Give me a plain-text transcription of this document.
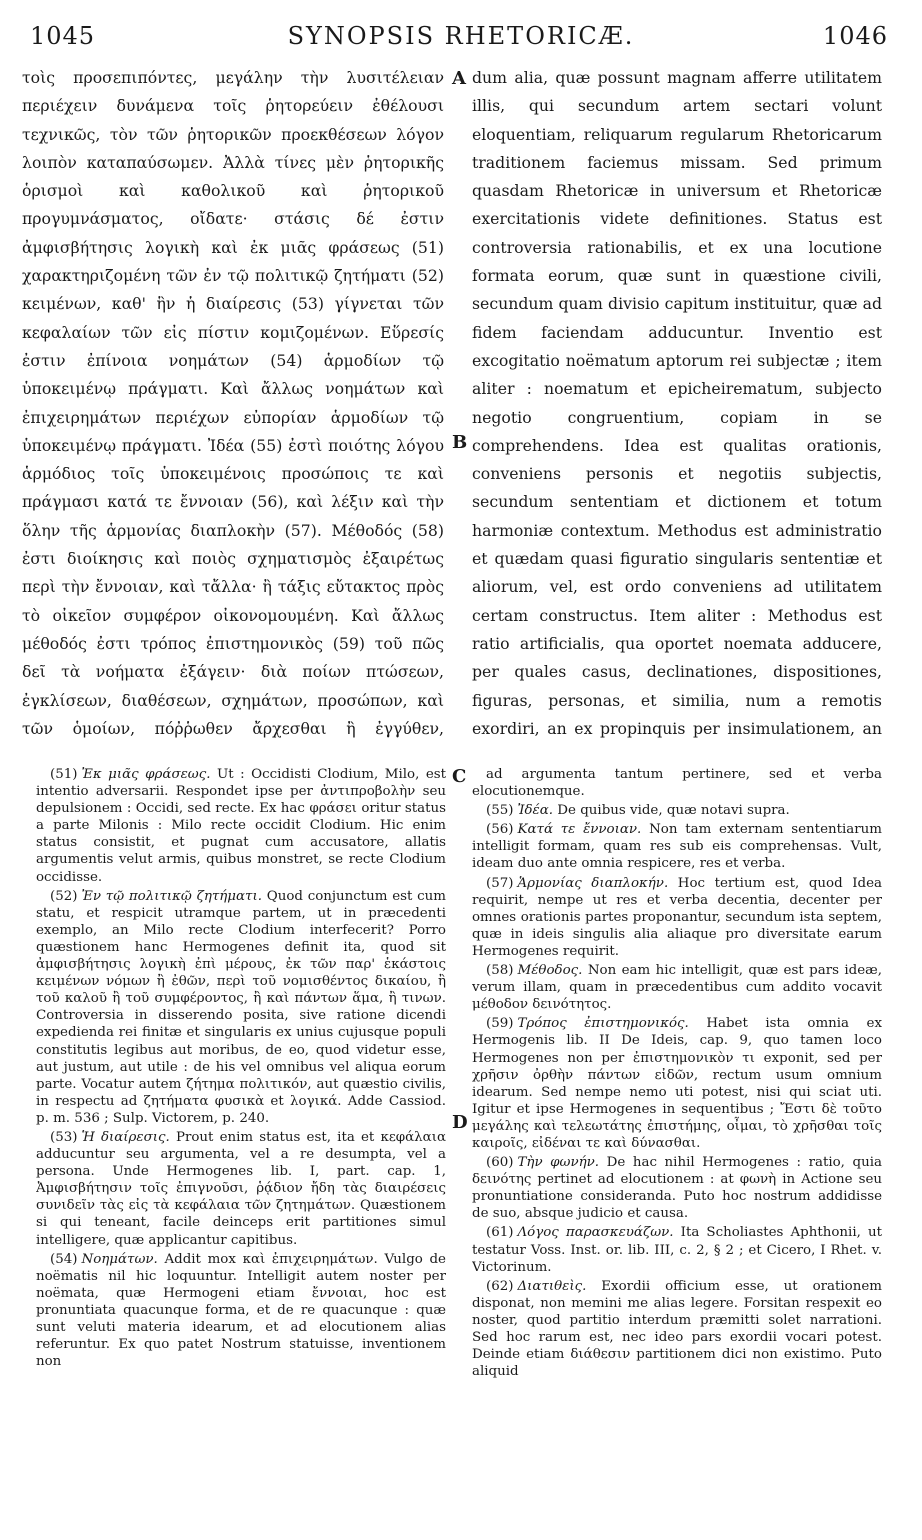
1045	SYNOPSIS RHETORICÆ.	1046
τοὶς προσεπιπόντες, μεγάλην τὴν λυσιτέλειαν περιέχειν δυνάμενα τοῖς ῥητορεύειν ἐθέλουσι τεχνικῶς, τὸν τῶν ῥητορικῶν προεκθέσεων λόγον λοιπὸν καταπαύσωμεν. Ἀλλὰ τίνες μὲν ῥητορικῆς ὁρισμοὶ καὶ καθολικοῦ καὶ ῥητορικοῦ προγυμνάσματος, οἴδατε· στάσις δέ ἐστιν ἀμφισβήτησις λογικὴ καὶ ἐκ μιᾶς φράσεως (51) χαρακτηριζομένη τῶν ἐν τῷ πολιτικῷ ζητήματι (52) κειμένων, καθ' ἣν ἡ διαίρεσις (53) γίγνεται τῶν κεφαλαίων τῶν εἰς πίστιν κομιζομένων. Εὕρεσίς ἐστιν ἐπίνοια νοημάτων (54) ἁρμοδίων τῷ ὑποκειμένῳ πράγματι. Καὶ ἄλλως νοημάτων καὶ ἐπιχειρημάτων περιέχων εὐπορίαν ἁρμοδίων τῷ ὑποκειμένῳ πράγματι. Ἰδέα (55) ἐστὶ ποιότης λόγου ἁρμόδιος τοῖς ὑποκειμένοις προσώποις τε καὶ πράγμασι κατά τε ἔννοιαν (56), καὶ λέξιν καὶ τὴν ὅλην τῆς ἁρμονίας διαπλοκὴν (57). Μέθοδός (58) ἐστι διοίκησις καὶ ποιὸς σχηματισμὸς ἐξαιρέτως περὶ τὴν ἔννοιαν, καὶ τἄλλα· ἢ τάξις εὔτακτος πρὸς τὸ οἰκεῖον συμφέρον οἰκονομουμένη. Καὶ ἄλλως μέθοδός ἐστι τρόπος ἐπιστημονικὸς (59) τοῦ πῶς δεῖ τὰ νοήματα ἐξάγειν· διὰ ποίων πτώσεων, ἐγκλίσεων, διαθέσεων, σχημάτων, προσώπων, καὶ τῶν ὁμοίων, πόῤῥωθεν ἄρχεσθαι ἢ ἐγγύθεν,
dum alia, quæ possunt magnam afferre utilitatem illis, qui secundum artem sectari volunt eloquentiam, reliquarum regularum Rhetoricarum traditionem faciemus missam. Sed primum quasdam Rhetoricæ in universum et Rhetoricæ exercitationis videte definitiones. Status est controversia rationabilis, et ex una locutione formata eorum, quæ sunt in quæstione civili, secundum quam divisio capitum instituitur, quæ ad fidem faciendam adducuntur. Inventio est excogitatio noëmatum aptorum rei subjectæ ; item aliter : noematum et epicheirematum, subjecto negotio congruentium, copiam in se comprehendens. Idea est qualitas orationis, conveniens personis et negotiis subjectis, secundum sententiam et dictionem et totum harmoniæ contextum. Methodus est administratio et quædam quasi figuratio singularis sententiæ et aliorum, vel, est ordo conveniens ad utilitatem certam constructus. Item aliter : Methodus est ratio artificialis, qua oportet noemata adducere, per quales casus, declinationes, dispositiones, figuras, personas, et similia, num a remotis exordiri, an ex propinquis per insimulationem, an
A
B
C
D

(51) Ἐκ μιᾶς φράσεως. Ut : Occidisti Clodium, Milo, est intentio adversarii. Respondet ipse per ἀντιπροβολὴν seu depulsionem : Occidi, sed recte. Ex hac φράσει oritur status a parte Milonis : Milo recte occidit Clodium. Hic enim status consistit, et pugnat cum accusatore, allatis argumentis velut armis, quibus monstret, se recte Clodium occidisse.

(52) Ἐν τῷ πολιτικῷ ζητήματι. Quod conjunctum est cum statu, et respicit utramque partem, ut in præcedenti exemplo, an Milo recte Clodium interfecerit? Porro quæstionem hanc Hermogenes definit ita, quod sit ἀμφισβήτησις λογικὴ ἐπὶ μέρους, ἐκ τῶν παρ' ἑκάστοις κειμένων νόμων ἢ ἐθῶν, περὶ τοῦ νομισθέντος δικαίου, ἢ τοῦ καλοῦ ἢ τοῦ συμφέροντος, ἢ καὶ πάντων ἅμα, ἢ τινων. Controversia in disserendo posita, sive ratione dicendi expedienda rei finitæ et singularis ex unius cujusque populi constitutis legibus aut moribus, de eo, quod videtur esse, aut justum, aut utile : de his vel omnibus vel aliqua eorum parte. Vocatur autem ζήτημα πολιτικόν, aut quæstio civilis, in respectu ad ζητήματα φυσικὰ et λογικά. Adde Cassiod. p. m. 536 ; Sulp. Victorem, p. 240.

(53) Ἡ διαίρεσις. Prout enim status est, ita et κεφάλαια adducuntur seu argumenta, vel a re desumpta, vel a persona. Unde Hermogenes lib. I, part. cap. 1, Ἀμφισβήτησιν τοῖς ἐπιγνοῦσι, ῥᾴδιον ἤδη τὰς διαιρέσεις συνιδεῖν τὰς εἰς τὰ κεφάλαια τῶν ζητημάτων. Quæstionem si qui teneant, facile deinceps erit partitiones simul intelligere, quæ applicantur capitibus.

(54) Νοημάτων. Addit mox καὶ ἐπιχειρημάτων. Vulgo de noëmatis nil hic loquuntur. Intelligit autem noster per noëmata, quæ Hermogeni etiam ἔννοιαι, hoc est pronuntiata quacunque forma, et de re quacunque : quæ sunt veluti materia idearum, et ad elocutionem alias referuntur. Ex quo patet Nostrum statuisse, inventionem non

ad argumenta tantum pertinere, sed et verba elocutionemque.

(55) Ἰδέα. De quibus vide, quæ notavi supra.

(56) Κατά τε ἔννοιαν. Non tam externam sententiarum intelligit formam, quam res sub eis comprehensas. Vult, ideam duo ante omnia respicere, res et verba.

(57) Ἁρμονίας διαπλοκήν. Hoc tertium est, quod Idea requirit, nempe ut res et verba decentia, decenter per omnes orationis partes proponantur, secundum ista septem, quæ in ideis singulis alia aliaque pro diversitate earum Hermogenes requirit.

(58) Μέθοδος. Non eam hic intelligit, quæ est pars ideæ, verum illam, quam in præcedentibus cum addito vocavit μέθοδον δεινότητος.

(59) Τρόπος ἐπιστημονικός. Habet ista omnia ex Hermogenis lib. II De Ideis, cap. 9, quo tamen loco Hermogenes non per ἐπιστημονικὸν τι exponit, sed per χρῆσιν ὀρθὴν πάντων εἰδῶν, rectum usum omnium idearum. Sed nempe nemo uti potest, nisi qui sciat uti. Igitur et ipse Hermogenes in sequentibus ; Ἔστι δὲ τοῦτο μεγάλης καὶ τελεωτάτης ἐπιστήμης, οἶμαι, τὸ χρῆσθαι τοῖς καιροῖς, εἰδέναι τε καὶ δύνασθαι.

(60) Τὴν φωνήν. De hac nihil Hermogenes : ratio, quia δεινότης pertinet ad elocutionem : at φωνὴ in Actione seu pronuntiatione consideranda. Puto hoc nostrum addidisse de suo, absque judicio et causa.

(61) Λόγος παρασκευάζων. Ita Scholiastes Aphthonii, ut testatur Voss. Inst. or. lib. III, c. 2, § 2 ; et Cicero, I Rhet. v. Victorinum.

(62) Διατιθεὶς. Exordii officium esse, ut orationem disponat, non memini me alias legere. Forsitan respexit eo noster, quod partitio interdum præmitti solet narrationi. Sed hoc rarum est, nec ideo pars exordii vocari potest. Deinde etiam διάθεσιν partitionem dici non existimo. Puto aliquid
